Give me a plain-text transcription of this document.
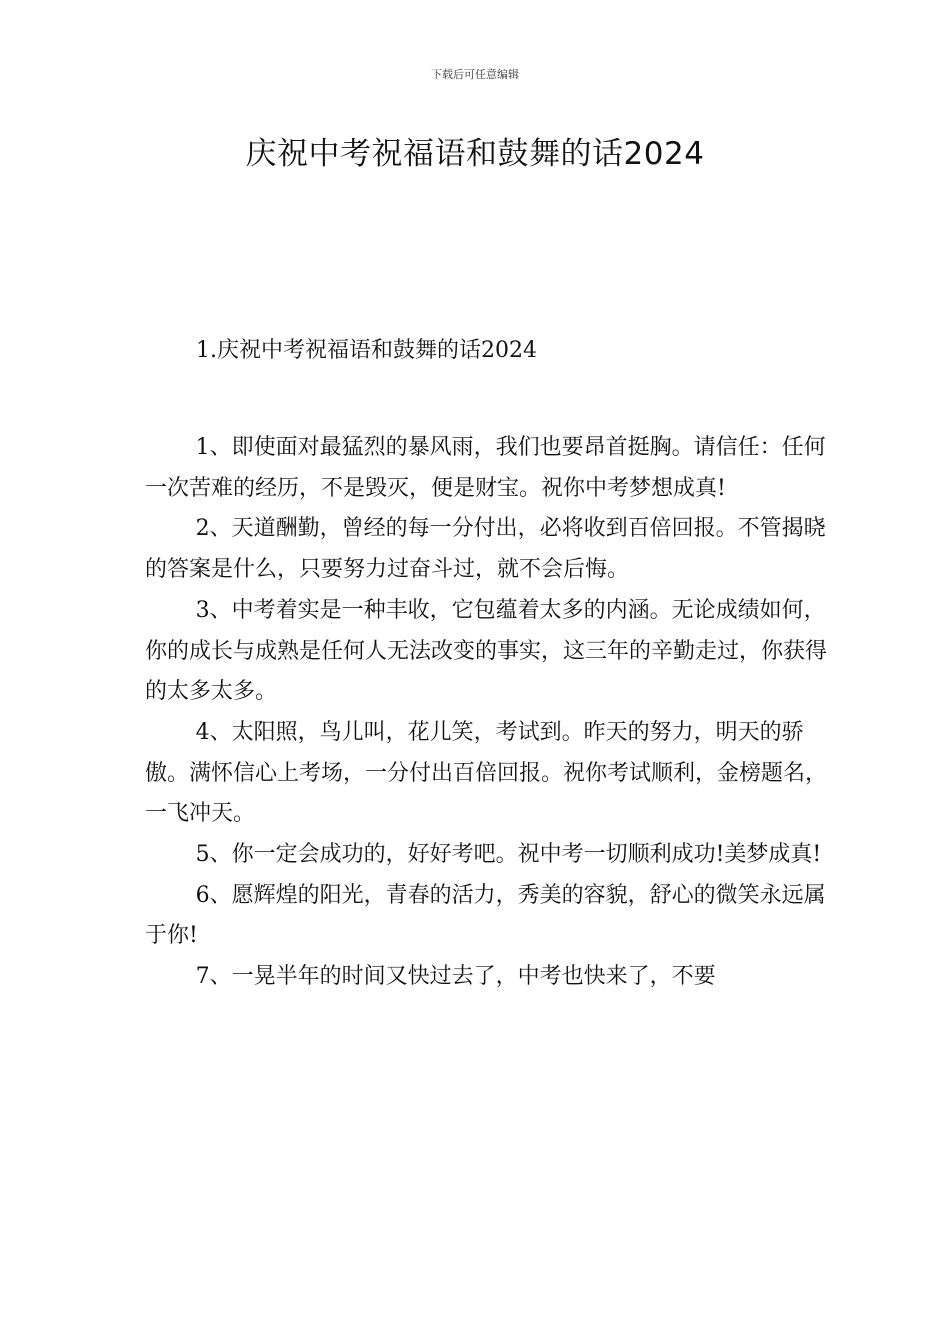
下载后可任意编辑
庆祝中考祝福语和鼓舞的话2024
1.庆祝中考祝福语和鼓舞的话2024

1、即使面对最猛烈的暴风雨，我们也要昂首挺胸。请信任：任何一次苦难的经历，不是毁灭，便是财宝。祝你中考梦想成真!

2、天道酬勤，曾经的每一分付出，必将收到百倍回报。不管揭晓的答案是什么，只要努力过奋斗过，就不会后悔。

3、中考着实是一种丰收，它包蕴着太多的内涵。无论成绩如何，你的成长与成熟是任何人无法改变的事实，这三年的辛勤走过，你获得的太多太多。

4、太阳照，鸟儿叫，花儿笑，考试到。昨天的努力，明天的骄傲。满怀信心上考场，一分付出百倍回报。祝你考试顺利，金榜题名，一飞冲天。

5、你一定会成功的，好好考吧。祝中考一切顺利成功!美梦成真!

6、愿辉煌的阳光，青春的活力，秀美的容貌，舒心的微笑永远属于你!

7、一晃半年的时间又快过去了，中考也快来了，不要
